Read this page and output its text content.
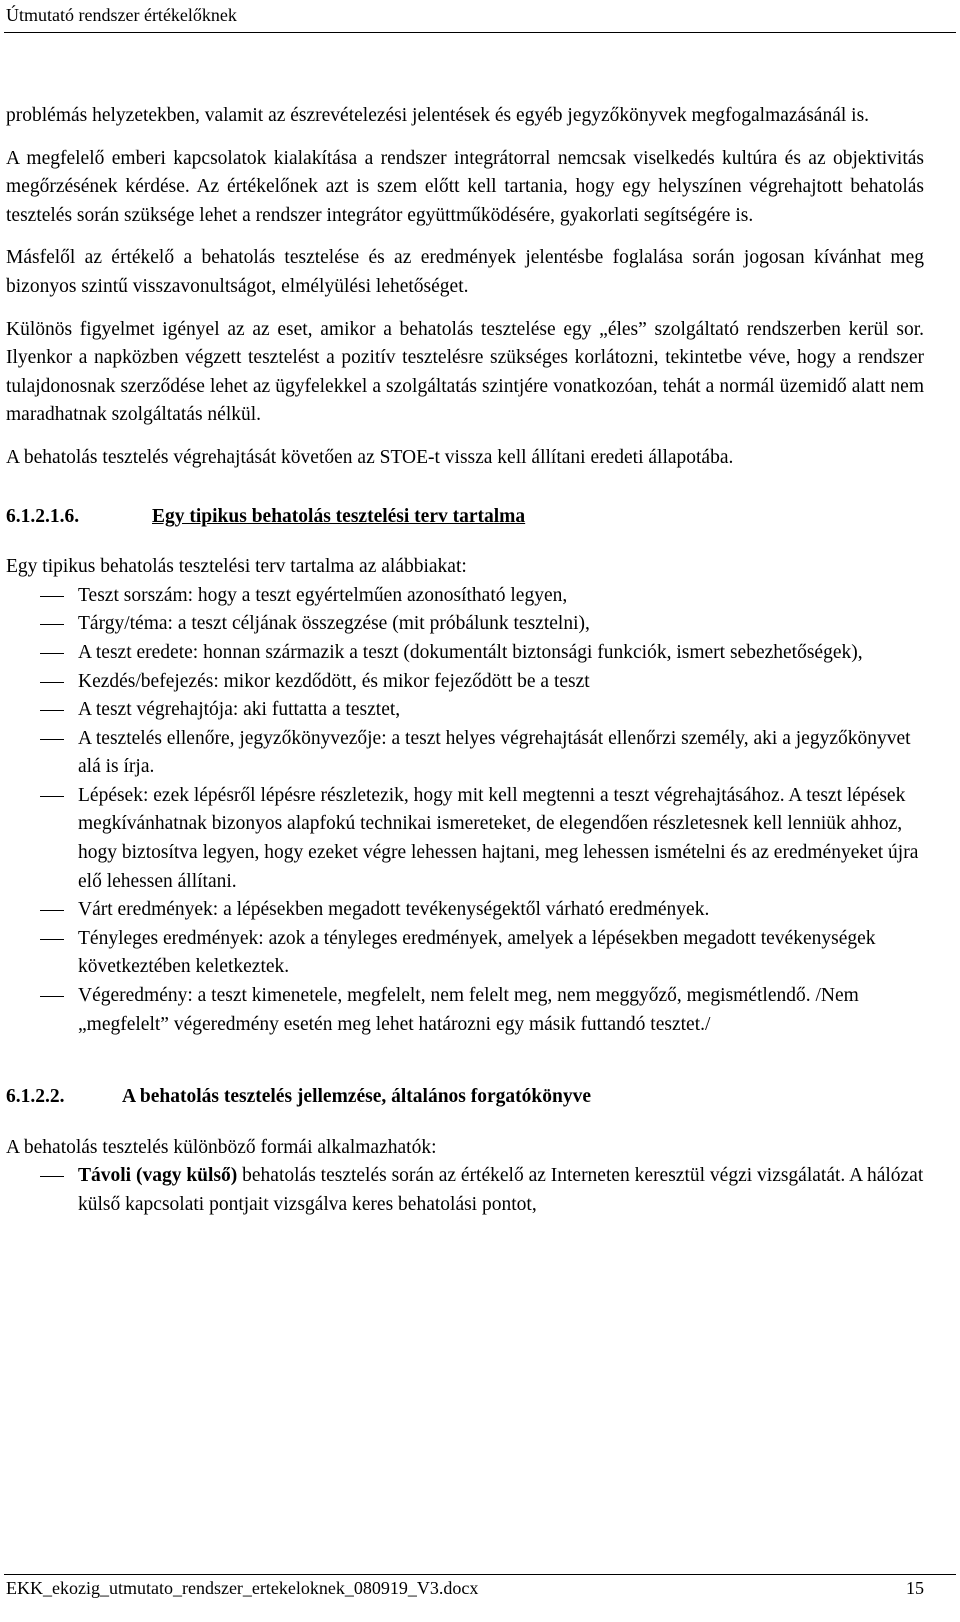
Útmutató rendszer értékelőknek

problémás helyzetekben, valamit az észrevételezési jelentések és egyéb jegyzőkönyvek megfogalmazásánál is.

A megfelelő emberi kapcsolatok kialakítása a rendszer integrátorral nemcsak viselkedés kultúra és az objektivitás megőrzésének kérdése. Az értékelőnek azt is szem előtt kell tartania, hogy egy helyszínen végrehajtott behatolás tesztelés során szüksége lehet a rendszer integrátor együttműködésére, gyakorlati segítségére is.

Másfelől az értékelő a behatolás tesztelése és az eredmények jelentésbe foglalása során jogosan kívánhat meg bizonyos szintű visszavonultságot, elmélyülési lehetőséget.

Különös figyelmet igényel az az eset, amikor a behatolás tesztelése egy „éles” szolgáltató rendszerben kerül sor. Ilyenkor a napközben végzett tesztelést a pozitív tesztelésre szükséges korlátozni, tekintetbe véve, hogy a rendszer tulajdonosnak szerződése lehet az ügyfelekkel a szolgáltatás szintjére vonatkozóan, tehát a normál üzemidő alatt nem maradhatnak szolgáltatás nélkül.

A behatolás tesztelés végrehajtását követően az STOE-t vissza kell állítani eredeti állapotába.

6.1.2.1.6.	Egy tipikus behatolás tesztelési terv tartalma

Egy tipikus behatolás tesztelési terv tartalma az alábbiakat:

Teszt sorszám: hogy a teszt egyértelműen azonosítható legyen,
Tárgy/téma: a teszt céljának összegzése (mit próbálunk tesztelni),
A teszt eredete: honnan származik a teszt (dokumentált biztonsági funkciók, ismert sebezhetőségek),
Kezdés/befejezés: mikor kezdődött, és mikor fejeződött be a teszt
A teszt végrehajtója: aki futtatta a tesztet,
A tesztelés ellenőre, jegyzőkönyvezője: a teszt helyes végrehajtását ellenőrzi személy, aki a jegyzőkönyvet alá is írja.
Lépések: ezek lépésről lépésre részletezik, hogy mit kell megtenni a teszt végrehajtásához. A teszt lépések megkívánhatnak bizonyos alapfokú technikai ismereteket, de elegendően részletesnek kell lenniük ahhoz, hogy biztosítva legyen, hogy ezeket végre lehessen hajtani, meg lehessen ismételni és az eredményeket újra elő lehessen állítani.
Várt eredmények: a lépésekben megadott tevékenységektől várható eredmények.
Tényleges eredmények: azok a tényleges eredmények, amelyek a lépésekben megadott tevékenységek következtében keletkeztek.
Végeredmény: a teszt kimenetele, megfelelt, nem felelt meg, nem meggyőző, megismétlendő. /Nem „megfelelt” végeredmény esetén meg lehet határozni egy másik futtandó tesztet./
6.1.2.2.	A behatolás tesztelés jellemzése, általános forgatókönyve

A behatolás tesztelés különböző formái alkalmazhatók:

Távoli (vagy külső) behatolás tesztelés során az értékelő az Interneten keresztül végzi vizsgálatát. A hálózat külső kapcsolati pontjait vizsgálva keres behatolási pontot,
EKK_ekozig_utmutato_rendszer_ertekeloknek_080919_V3.docx	15
